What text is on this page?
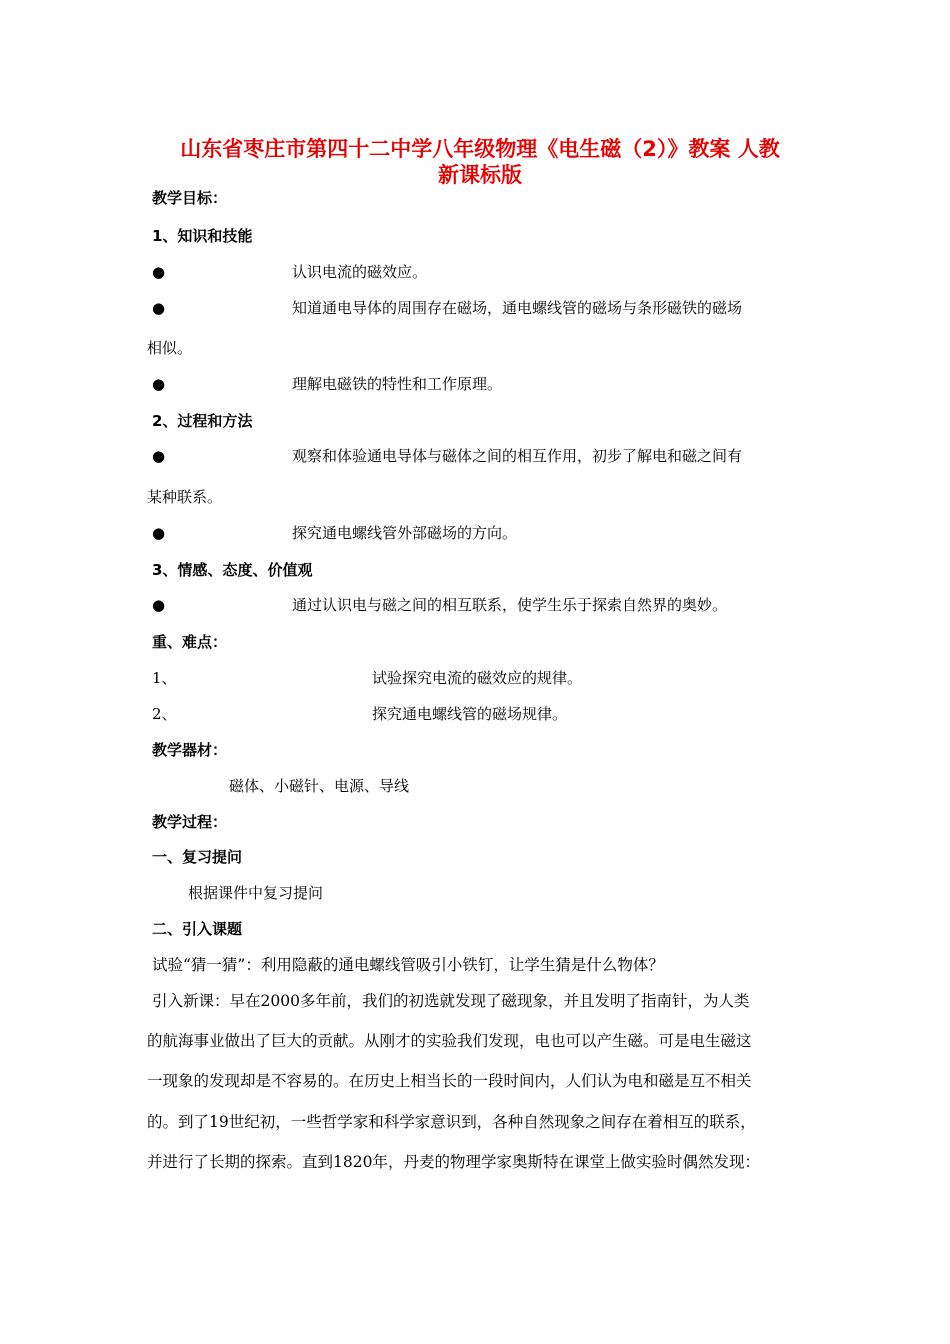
山东省枣庄市第四十二中学八年级物理《电生磁（2）》教案 人教
新课标版
教学目标：
1、知识和技能
●	认识电流的磁效应。
●	知道通电导体的周围存在磁场，通电螺线管的磁场与条形磁铁的磁场
相似。
●	理解电磁铁的特性和工作原理。
2、过程和方法
●	观察和体验通电导体与磁体之间的相互作用，初步了解电和磁之间有
某种联系。
●	探究通电螺线管外部磁场的方向。
3、情感、态度、价值观
●	通过认识电与磁之间的相互联系，使学生乐于探索自然界的奥妙。
重、难点：
1、	试验探究电流的磁效应的规律。
2、	探究通电螺线管的磁场规律。
教学器材：
磁体、小磁针、电源、导线
教学过程：
一、复习提问
根据课件中复习提问
二、引入课题
试验“猜一猜”：利用隐蔽的通电螺线管吸引小铁钉，让学生猜是什么物体？
引入新课：早在2000多年前，我们的初选就发现了磁现象，并且发明了指南针，为人类
的航海事业做出了巨大的贡献。从刚才的实验我们发现，电也可以产生磁。可是电生磁这
一现象的发现却是不容易的。在历史上相当长的一段时间内，人们认为电和磁是互不相关
的。到了19世纪初，一些哲学家和科学家意识到，各种自然现象之间存在着相互的联系，
并进行了长期的探索。直到1820年，丹麦的物理学家奥斯特在课堂上做实验时偶然发现：
